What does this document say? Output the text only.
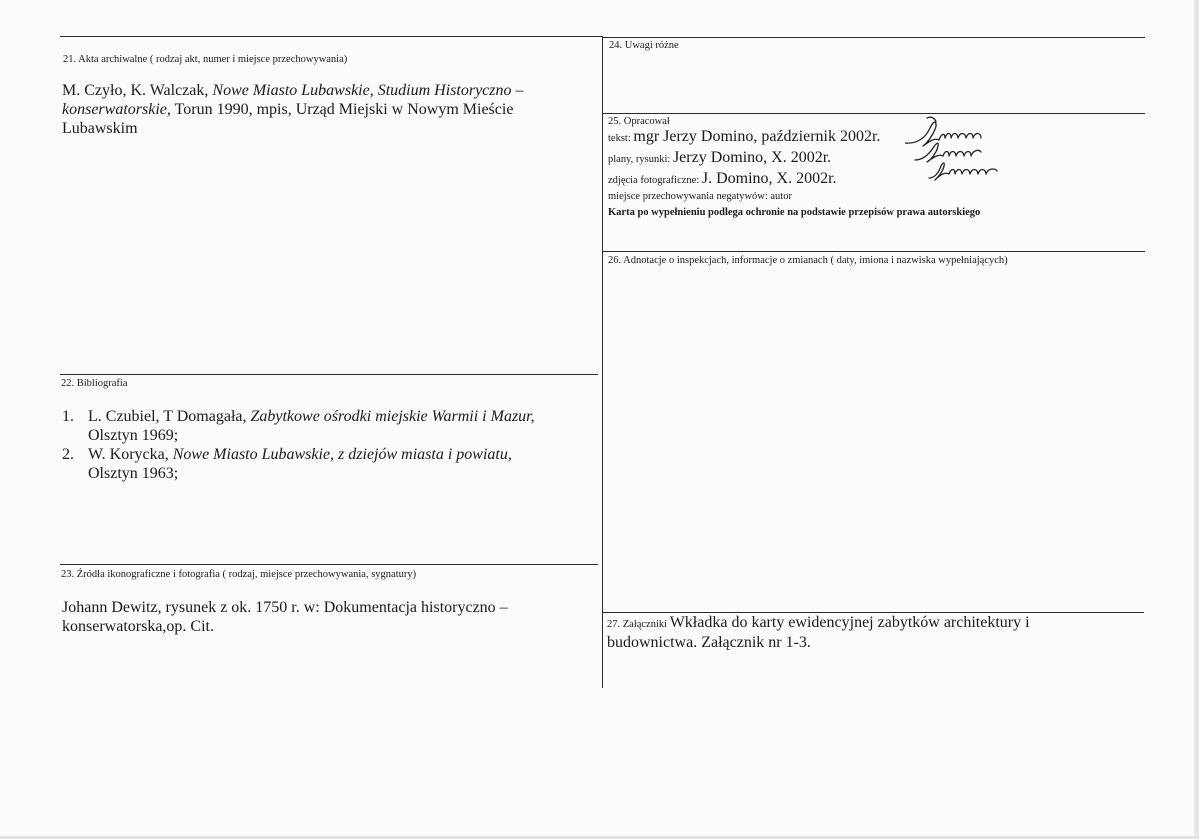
21. Akta archiwalne ( rodzaj akt, numer i miejsce przechowywania)
M. Czyło, K. Walczak, Nowe Miasto Lubawskie, Studium Historyczno –
konserwatorskie, Torun 1990, mpis, Urząd Miejski w Nowym Mieście
Lubawskim
22. Bibliografia
1. L. Czubiel, T Domagała, Zabytkowe ośrodki miejskie Warmii i Mazur,
Olsztyn 1969;
2. W. Korycka, Nowe Miasto Lubawskie, z dziejów miasta i powiatu,
Olsztyn 1963;
23. Źródła ikonograficzne i fotografia ( rodzaj, miejsce przechowywania, sygnatury)
Johann Dewitz, rysunek z ok. 1750 r. w: Dokumentacja historyczno –
konserwatorska,op. Cit.
24. Uwagi różne
25. Opracował
tekst: mgr Jerzy Domino, październik 2002r.
plany, rysunki: Jerzy Domino, X. 2002r.
zdjęcia fotograficzne: J. Domino, X. 2002r.
miejsce przechowywania negatywów: autor
Karta po wypełnieniu podlega ochronie na podstawie przepisów prawa autorskiego
26. Adnotacje o inspekcjach, informacje o zmianach ( daty, imiona i nazwiska wypełniających)
27. Załączniki Wkładka do karty ewidencyjnej zabytków architektury i
budownictwa. Załącznik nr 1-3.
